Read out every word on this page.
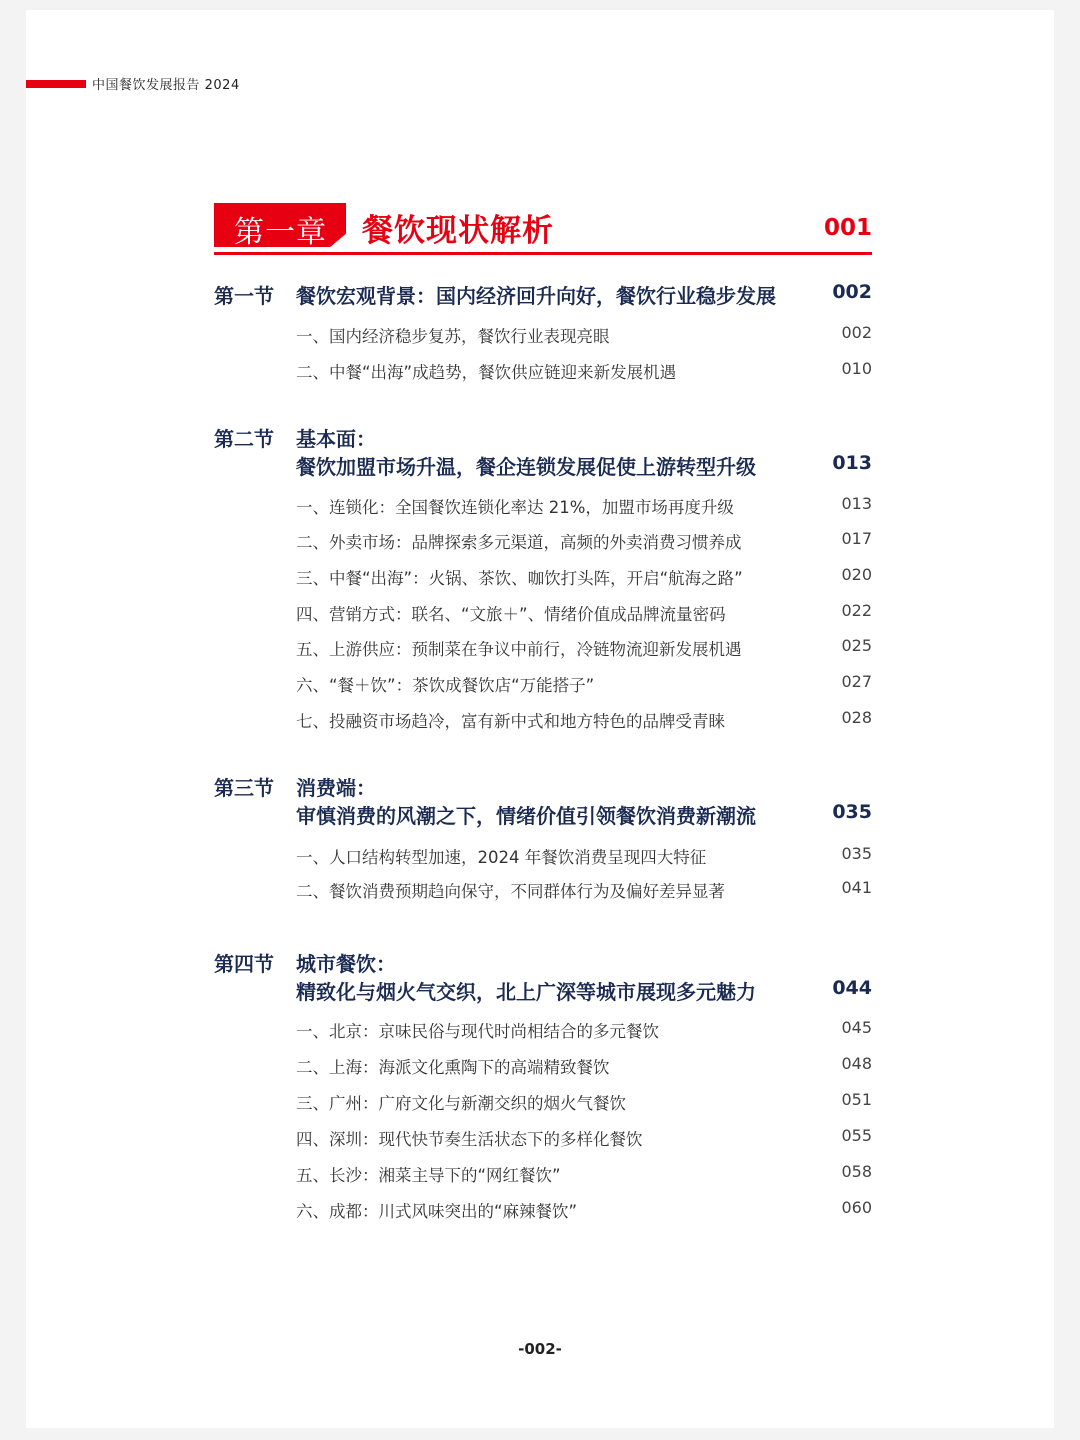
中国餐饮发展报告 2024
第一章 餐饮现状解析	001
第一节 餐饮宏观背景：国内经济回升向好，餐饮行业稳步发展	002
一、国内经济稳步复苏，餐饮行业表现亮眼	002
二、中餐“出海”成趋势，餐饮供应链迎来新发展机遇	010
第二节 基本面：
餐饮加盟市场升温，餐企连锁发展促使上游转型升级	013
一、连锁化：全国餐饮连锁化率达 21%，加盟市场再度升级	013
二、外卖市场：品牌探索多元渠道，高频的外卖消费习惯养成	017
三、中餐“出海”：火锅、茶饮、咖饮打头阵，开启“航海之路”	020
四、营销方式：联名、“文旅＋”、情绪价值成品牌流量密码	022
五、上游供应：预制菜在争议中前行，冷链物流迎新发展机遇	025
六、“餐＋饮”：茶饮成餐饮店“万能搭子”	027
七、投融资市场趋冷，富有新中式和地方特色的品牌受青睐	028
第三节 消费端：
审慎消费的风潮之下，情绪价值引领餐饮消费新潮流	035
一、人口结构转型加速，2024 年餐饮消费呈现四大特征	035
二、餐饮消费预期趋向保守，不同群体行为及偏好差异显著	041
第四节 城市餐饮：
精致化与烟火气交织，北上广深等城市展现多元魅力	044
一、北京：京味民俗与现代时尚相结合的多元餐饮	045
二、上海：海派文化熏陶下的高端精致餐饮	048
三、广州：广府文化与新潮交织的烟火气餐饮	051
四、深圳：现代快节奏生活状态下的多样化餐饮	055
五、长沙：湘菜主导下的“网红餐饮”	058
六、成都：川式风味突出的“麻辣餐饮”	060
-002-
